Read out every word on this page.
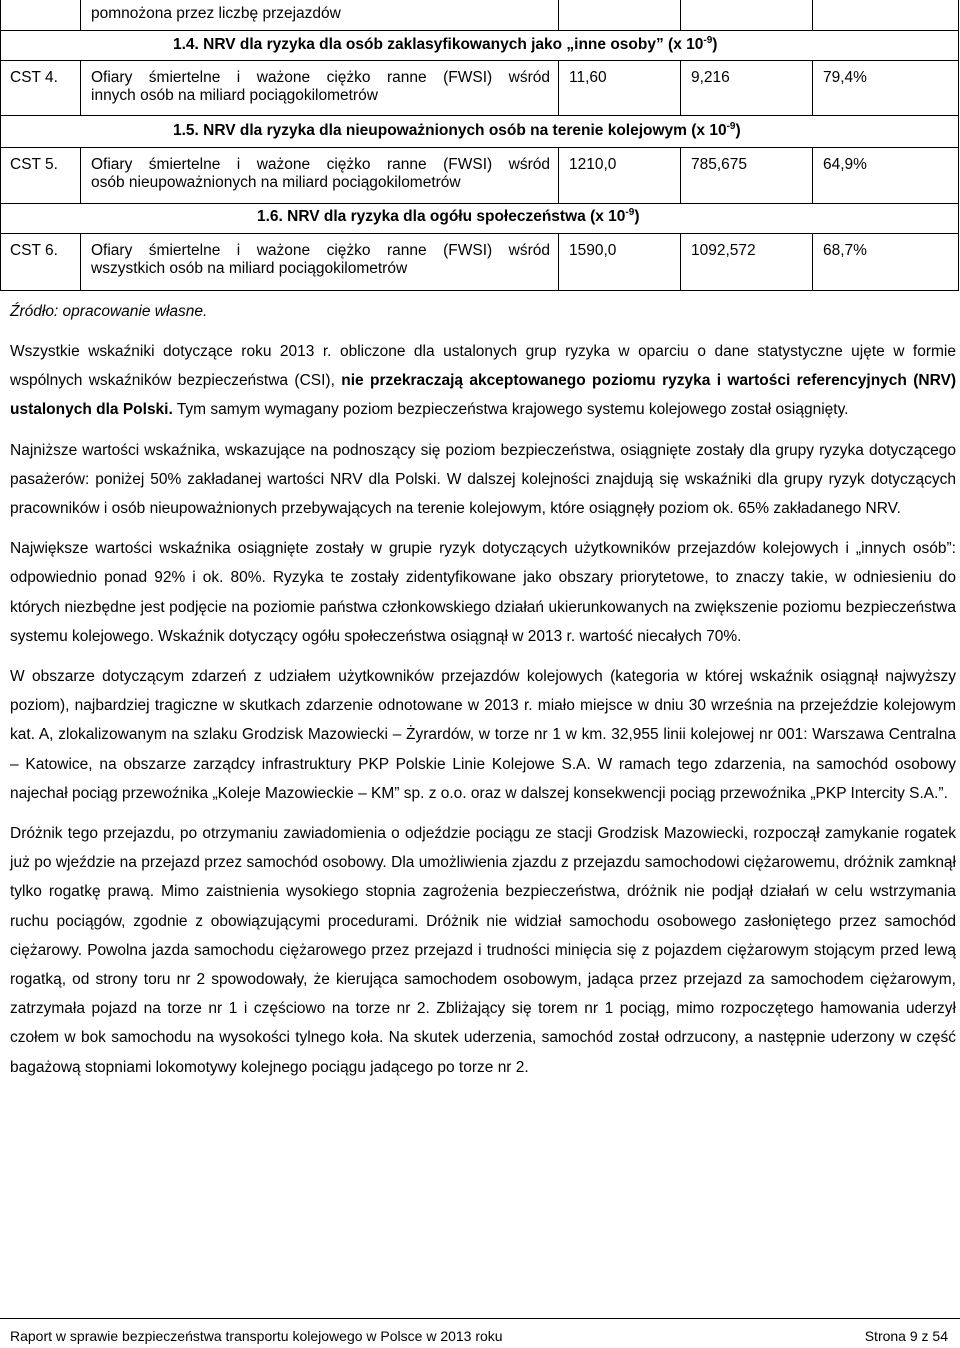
pomnożona przez liczbę przejazdów
1.4. NRV dla ryzyka dla osób zaklasyfikowanych jako „inne osoby” (x $10^{-9}$)
CST 4. Ofiary śmiertelne i ważone ciężko ranne (FWSI) wśród
innych osób na miliard pociągokilometrów
11,60	9,216	79,4%
1.5. NRV dla ryzyka dla nieupoważnionych osób na terenie kolejowym (x $10^{-9}$)
CST 5. Ofiary śmiertelne i ważone ciężko ranne (FWSI) wśród
osób nieupoważnionych na miliard pociągokilometrów
1210,0	785,675	64,9%
1.6. NRV dla ryzyka dla ogółu społeczeństwa (x $10^{-9}$)
CST 6. Ofiary śmiertelne i ważone ciężko ranne (FWSI) wśród
wszystkich osób na miliard pociągokilometrów
1590,0	1092,572	68,7%
Źródło: opracowanie własne.

Wszystkie wskaźniki dotyczące roku 2013 r. obliczone dla ustalonych grup ryzyka w oparciu o dane statystyczne ujęte w formie wspólnych wskaźników bezpieczeństwa (CSI), nie przekraczają akceptowanego poziomu ryzyka i wartości referencyjnych (NRV) ustalonych dla Polski. Tym samym wymagany poziom bezpieczeństwa krajowego systemu kolejowego został osiągnięty.

Najniższe wartości wskaźnika, wskazujące na podnoszący się poziom bezpieczeństwa, osiągnięte zostały dla grupy ryzyka dotyczącego pasażerów: poniżej 50% zakładanej wartości NRV dla Polski. W dalszej kolejności znajdują się wskaźniki dla grupy ryzyk dotyczących pracowników i osób nieupoważnionych przebywających na terenie kolejowym, które osiągnęły poziom ok. 65% zakładanego NRV.

Największe wartości wskaźnika osiągnięte zostały w grupie ryzyk dotyczących użytkowników przejazdów kolejowych i „innych osób”: odpowiednio ponad 92% i ok. 80%. Ryzyka te zostały zidentyfikowane jako obszary priorytetowe, to znaczy takie, w odniesieniu do których niezbędne jest podjęcie na poziomie państwa członkowskiego działań ukierunkowanych na zwiększenie poziomu bezpieczeństwa systemu kolejowego. Wskaźnik dotyczący ogółu społeczeństwa osiągnął w 2013 r. wartość niecałych 70%.

W obszarze dotyczącym zdarzeń z udziałem użytkowników przejazdów kolejowych (kategoria w której wskaźnik osiągnął najwyższy poziom), najbardziej tragiczne w skutkach zdarzenie odnotowane w 2013 r. miało miejsce w dniu 30 września na przejeździe kolejowym kat. A, zlokalizowanym na szlaku Grodzisk Mazowiecki – Żyrardów, w torze nr 1 w km. 32,955 linii kolejowej nr 001: Warszawa Centralna – Katowice, na obszarze zarządcy infrastruktury PKP Polskie Linie Kolejowe S.A. W ramach tego zdarzenia, na samochód osobowy najechał pociąg przewoźnika „Koleje Mazowieckie – KM” sp. z o.o. oraz w dalszej konsekwencji pociąg przewoźnika „PKP Intercity S.A.”.

Dróżnik tego przejazdu, po otrzymaniu zawiadomienia o odjeździe pociągu ze stacji Grodzisk Mazowiecki, rozpoczął zamykanie rogatek już po wjeździe na przejazd przez samochód osobowy. Dla umożliwienia zjazdu z przejazdu samochodowi ciężarowemu, dróżnik zamknął tylko rogatkę prawą. Mimo zaistnienia wysokiego stopnia zagrożenia bezpieczeństwa, dróżnik nie podjął działań w celu wstrzymania ruchu pociągów, zgodnie z obowiązującymi procedurami. Dróżnik nie widział samochodu osobowego zasłoniętego przez samochód ciężarowy. Powolna jazda samochodu ciężarowego przez przejazd i trudności minięcia się z pojazdem ciężarowym stojącym przed lewą rogatką, od strony toru nr 2 spowodowały, że kierująca samochodem osobowym, jadąca przez przejazd za samochodem ciężarowym, zatrzymała pojazd na torze nr 1 i częściowo na torze nr 2. Zbliżający się torem nr 1 pociąg, mimo rozpoczętego hamowania uderzył czołem w bok samochodu na wysokości tylnego koła. Na skutek uderzenia, samochód został odrzucony, a następnie uderzony w część bagażową stopniami lokomotywy kolejnego pociągu jadącego po torze nr 2.

Raport w sprawie bezpieczeństwa transportu kolejowego w Polsce w 2013 roku	Strona 9 z 54
